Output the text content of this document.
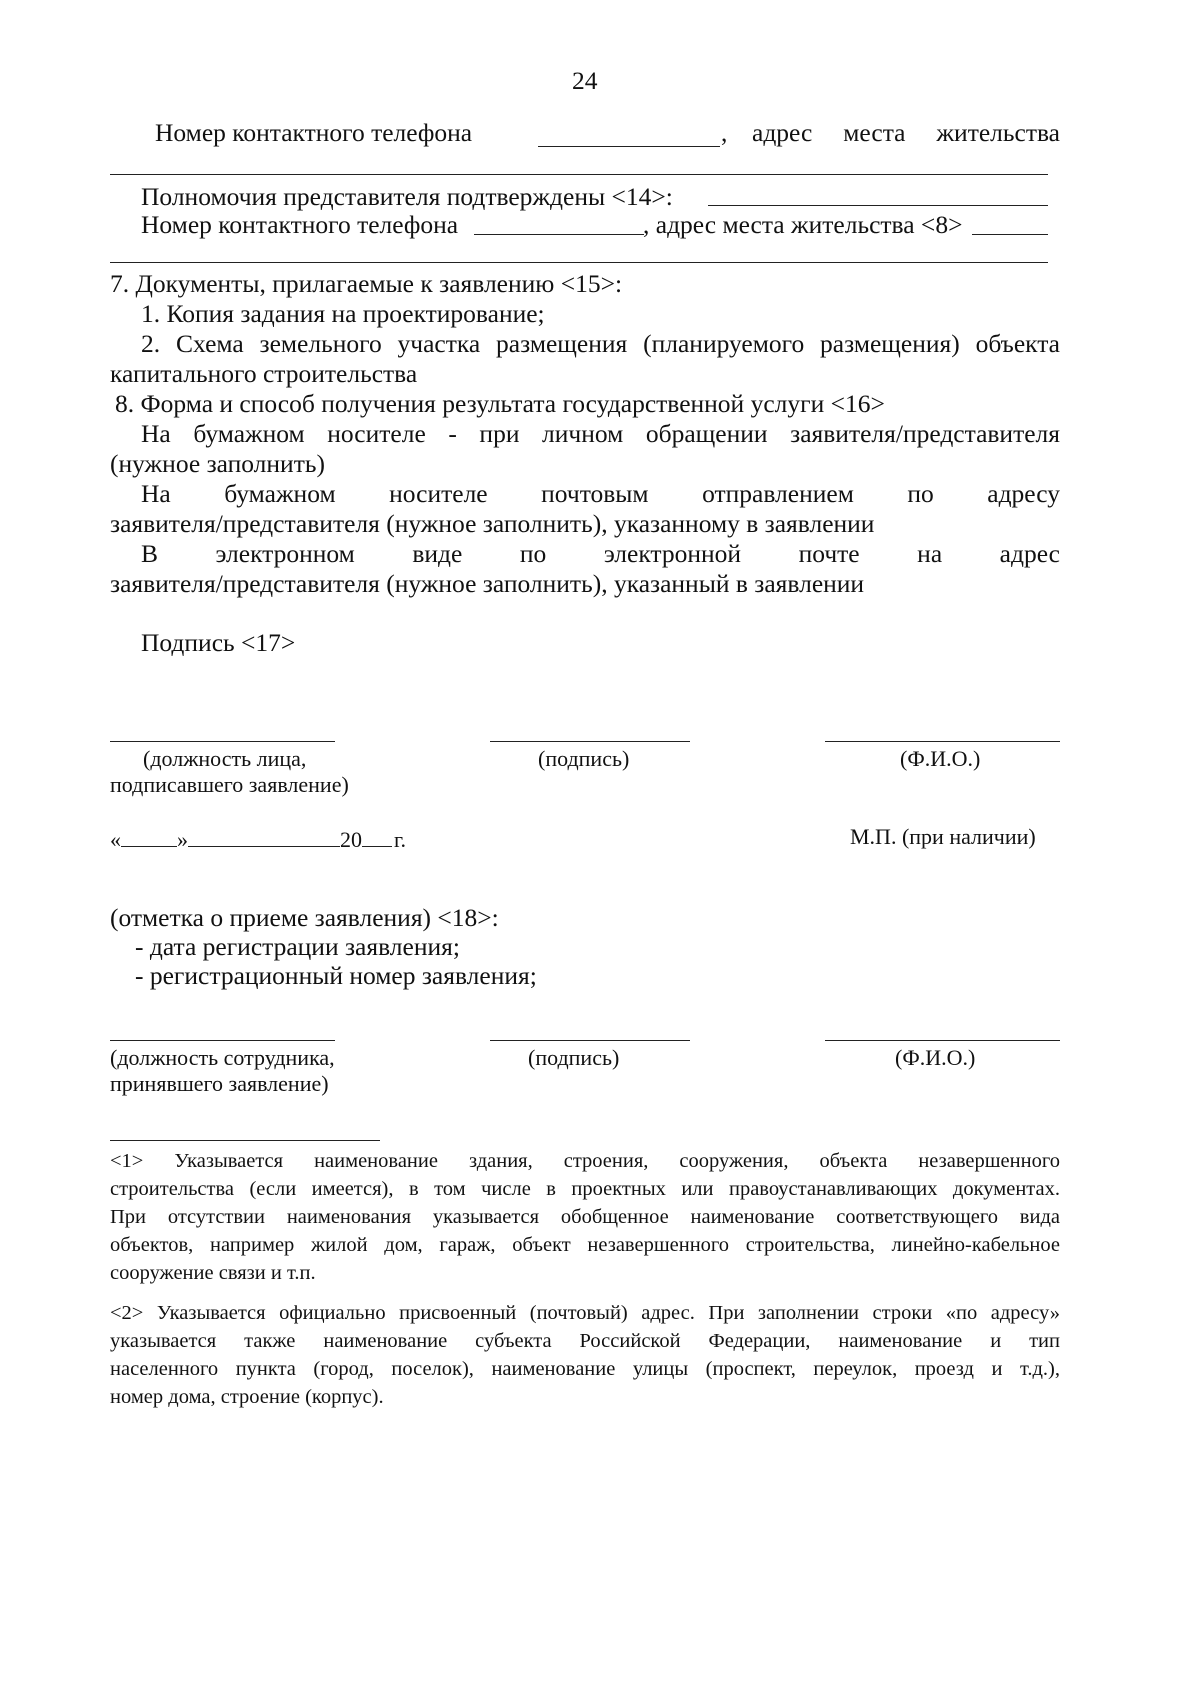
24
Номер контактного телефона	, адрес места жительства
Полномочия представителя подтверждены <14>:
Номер контактного телефона	, адрес места жительства <8>
7. Документы, прилагаемые к заявлению <15>:
1. Копия задания на проектирование;
2. Схема земельного участка размещения (планируемого размещения) объекта
капитального строительства
8. Форма и способ получения результата государственной услуги <16>
На бумажном носителе - при личном обращении заявителя/представителя
(нужное заполнить)
На бумажном носителе почтовым отправлением по адресу
заявителя/представителя (нужное заполнить), указанному в заявлении
В электронном виде по электронной почте на адрес
заявителя/представителя (нужное заполнить), указанный в заявлении
Подпись <17>
(должность лица,
подписавшего заявление)
(подпись)	(Ф.И.О.)
«	»	20 г.	М.П. (при наличии)
(отметка о приеме заявления) <18>:
- дата регистрации заявления;
- регистрационный номер заявления;
(должность сотрудника,
принявшего заявление)
(подпись)	(Ф.И.О.)
<1> Указывается наименование здания, строения, сооружения, объекта незавершенного
строительства (если имеется), в том числе в проектных или правоустанавливающих документах.
При отсутствии наименования указывается обобщенное наименование соответствующего вида
объектов, например жилой дом, гараж, объект незавершенного строительства, линейно-кабельное
сооружение связи и т.п.
<2> Указывается официально присвоенный (почтовый) адрес. При заполнении строки «по адресу»
указывается также наименование субъекта Российской Федерации, наименование и тип
населенного пункта (город, поселок), наименование улицы (проспект, переулок, проезд и т.д.),
номер дома, строение (корпус).
